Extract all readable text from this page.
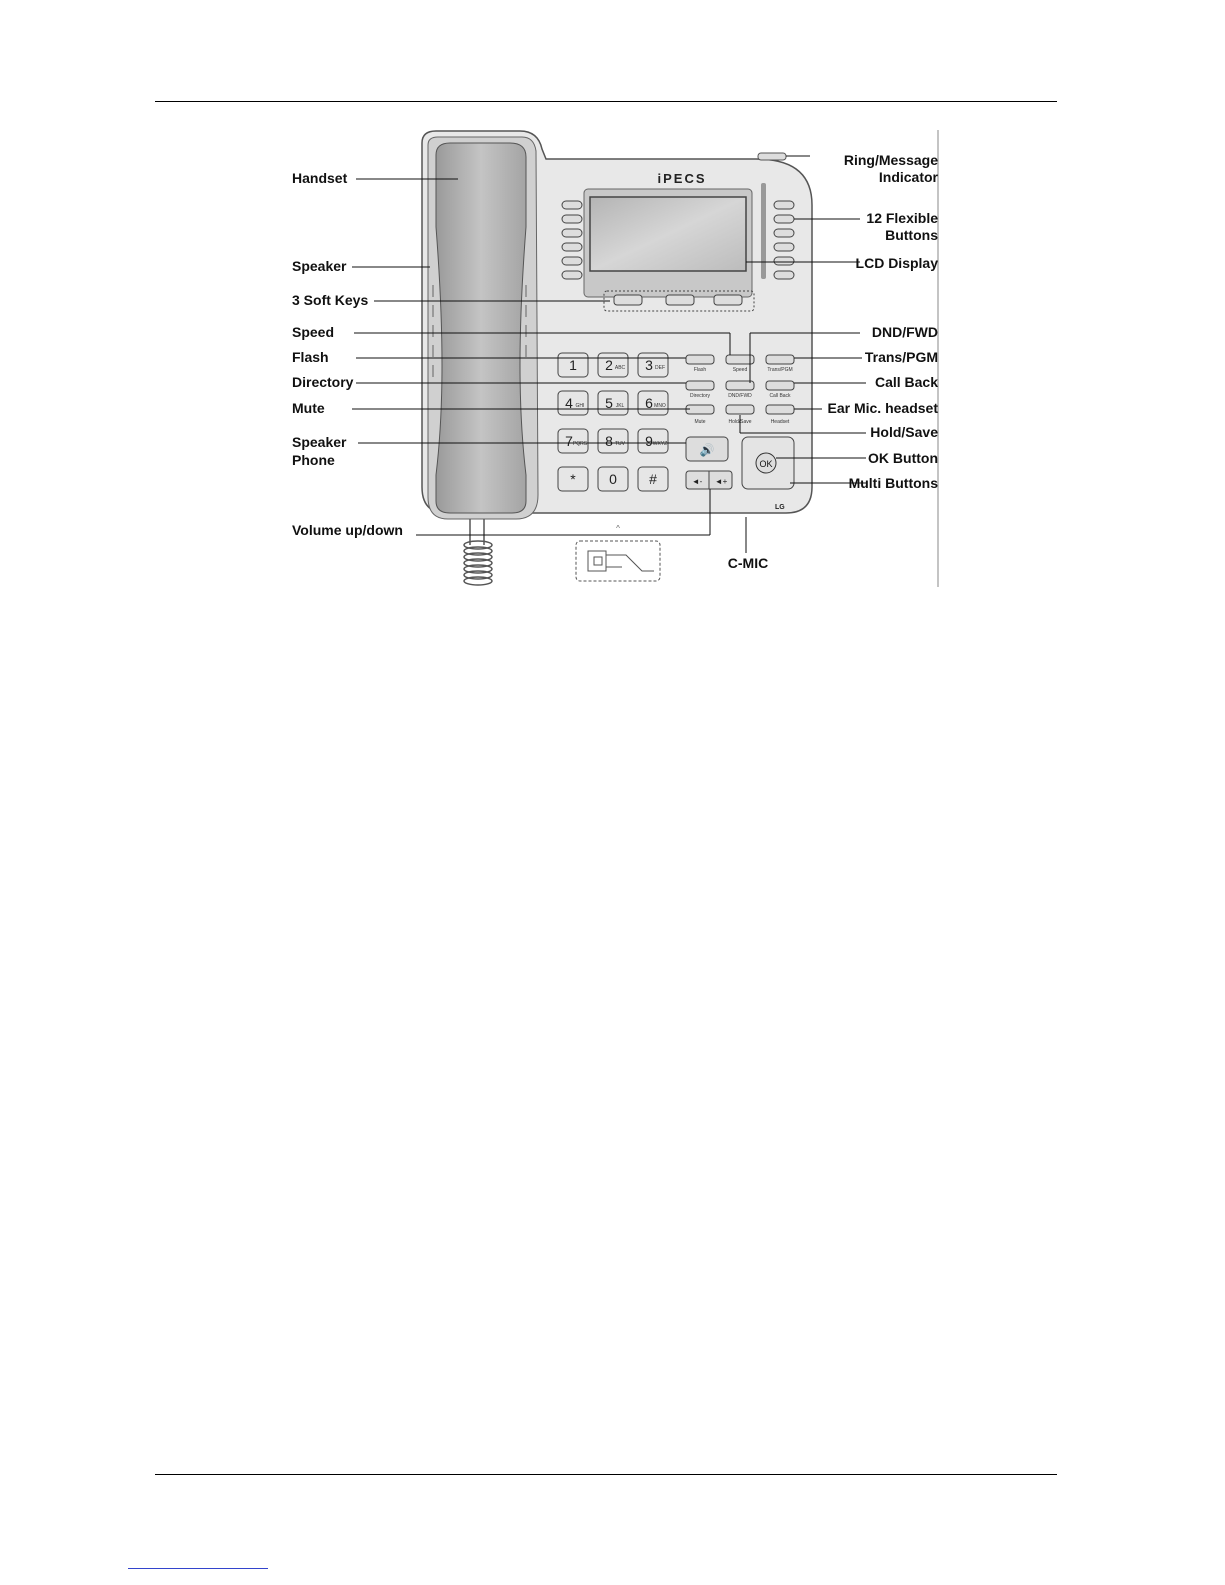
iPECS
Flash	Speed	Trans/PGM
Directory	DND/FWD	Call Back
Mute	Hold/Save	Headset
1 2 ABC 3 DEF
4 GHI 5 JKL 6 MNO
7 PQRS 8 TUV 9 WXYZ
* 0 #
🔊
◄- ◄+
OK
LG
^
Handset
Speaker
3 Soft Keys
Speed
Flash
Directory
Mute
Speaker
Phone
Volume up/down
Ring/Message
Indicator
12 Flexible
Buttons
LCD Display
DND/FWD
Trans/PGM
Call Back
Ear Mic. headset
Hold/Save
OK Button
Multi Buttons
C-MIC
